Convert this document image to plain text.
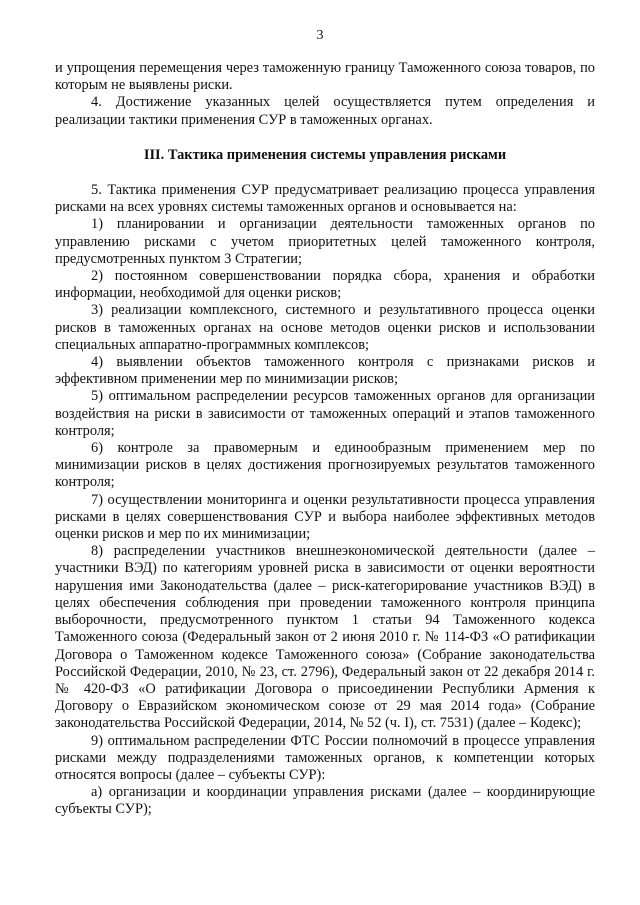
3

и упрощения перемещения через таможенную границу Таможенного союза товаров, по которым не выявлены риски.

4. Достижение указанных целей осуществляется путем определения и реализации тактики применения СУР в таможенных органах.

III. Тактика применения системы управления рисками

5. Тактика применения СУР предусматривает реализацию процесса управления рисками на всех уровнях системы таможенных органов и основывается на:

1) планировании и организации деятельности таможенных органов по управлению рисками с учетом приоритетных целей таможенного контроля, предусмотренных пунктом 3 Стратегии;

2) постоянном совершенствовании порядка сбора, хранения и обработки информации, необходимой для оценки рисков;

3) реализации комплексного, системного и результативного процесса оценки рисков в таможенных органах на основе методов оценки рисков и использовании специальных аппаратно-программных комплексов;

4) выявлении объектов таможенного контроля с признаками рисков и эффективном применении мер по минимизации рисков;

5) оптимальном распределении ресурсов таможенных органов для организации воздействия на риски в зависимости от таможенных операций и этапов таможенного контроля;

6) контроле за правомерным и единообразным применением мер по минимизации рисков в целях достижения прогнозируемых результатов таможенного контроля;

7) осуществлении мониторинга и оценки результативности процесса управления рисками в целях совершенствования СУР и выбора наиболее эффективных методов оценки рисков и мер по их минимизации;

8) распределении участников внешнеэкономической деятельности (далее – участники ВЭД) по категориям уровней риска в зависимости от оценки вероятности нарушения ими Законодательства (далее – риск-категорирование участников ВЭД) в целях обеспечения соблюдения при проведении таможенного контроля принципа выборочности, предусмотренного пунктом 1 статьи 94 Таможенного кодекса Таможенного союза (Федеральный закон от 2 июня 2010 г. № 114-ФЗ «О ратификации Договора о Таможенном кодексе Таможенного союза» (Собрание законодательства Российской Федерации, 2010, № 23, ст. 2796), Федеральный закон от 22 декабря 2014 г. № 420-ФЗ «О ратификации Договора о присоединении Республики Армения к Договору о Евразийском экономическом союзе от 29 мая 2014 года» (Собрание законодательства Российской Федерации, 2014, № 52 (ч. I), ст. 7531) (далее – Кодекс);

9) оптимальном распределении ФТС России полномочий в процессе управления рисками между подразделениями таможенных органов, к компетенции которых относятся вопросы (далее – субъекты СУР):

а) организации и координации управления рисками (далее – координирующие субъекты СУР);
